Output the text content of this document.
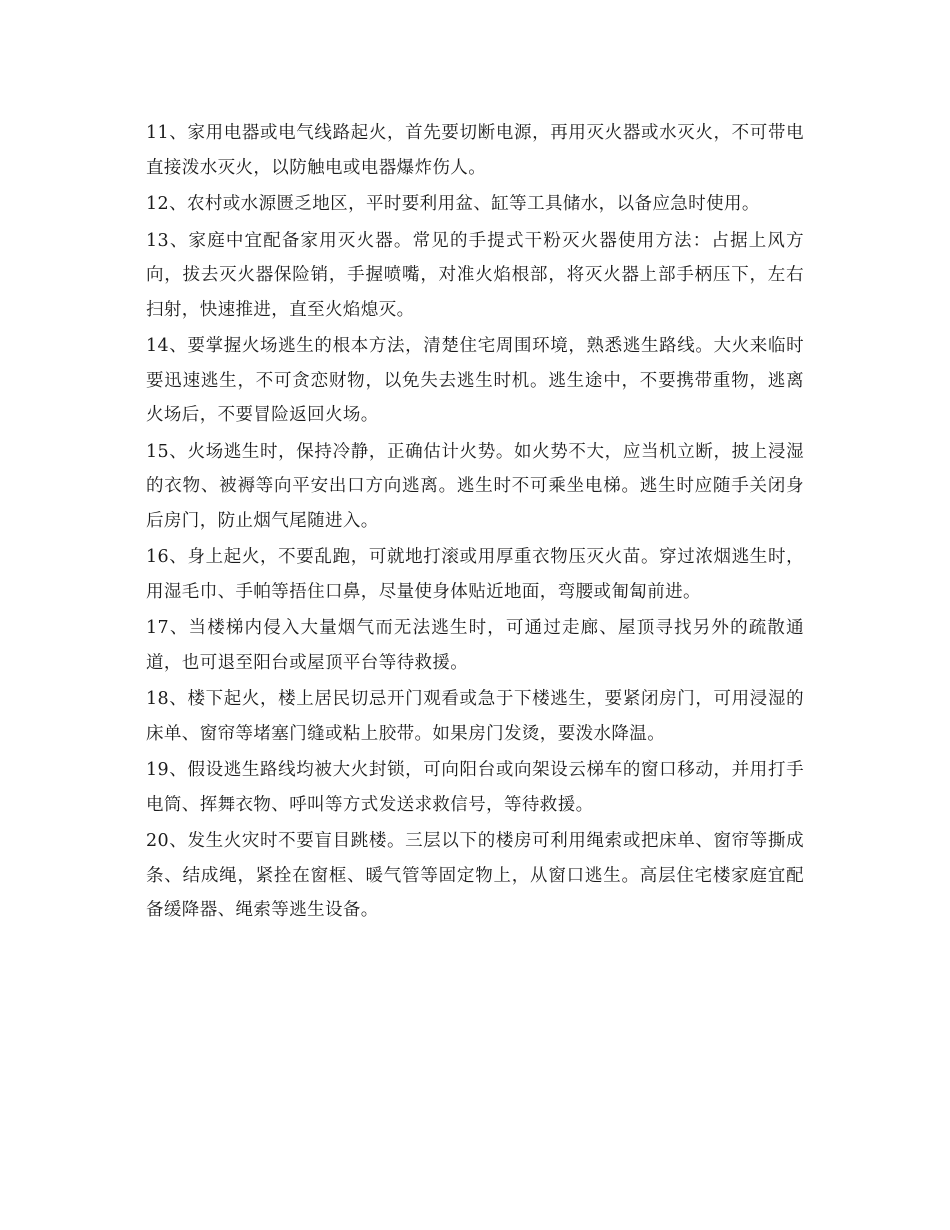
11、家用电器或电气线路起火，首先要切断电源，再用灭火器或水灭火，不可带电直接泼水灭火，以防触电或电器爆炸伤人。

12、农村或水源匮乏地区，平时要利用盆、缸等工具储水，以备应急时使用。

13、家庭中宜配备家用灭火器。常见的手提式干粉灭火器使用方法：占据上风方向，拔去灭火器保险销，手握喷嘴，对准火焰根部，将灭火器上部手柄压下，左右扫射，快速推进，直至火焰熄灭。

14、要掌握火场逃生的根本方法，清楚住宅周围环境，熟悉逃生路线。大火来临时要迅速逃生，不可贪恋财物，以免失去逃生时机。逃生途中，不要携带重物，逃离火场后，不要冒险返回火场。

15、火场逃生时，保持冷静，正确估计火势。如火势不大，应当机立断，披上浸湿的衣物、被褥等向平安出口方向逃离。逃生时不可乘坐电梯。逃生时应随手关闭身后房门，防止烟气尾随进入。

16、身上起火，不要乱跑，可就地打滚或用厚重衣物压灭火苗。穿过浓烟逃生时，用湿毛巾、手帕等捂住口鼻，尽量使身体贴近地面，弯腰或匍匐前进。

17、当楼梯内侵入大量烟气而无法逃生时，可通过走廊、屋顶寻找另外的疏散通道，也可退至阳台或屋顶平台等待救援。

18、楼下起火，楼上居民切忌开门观看或急于下楼逃生，要紧闭房门，可用浸湿的床单、窗帘等堵塞门缝或粘上胶带。如果房门发烫，要泼水降温。

19、假设逃生路线均被大火封锁，可向阳台或向架设云梯车的窗口移动，并用打手电筒、挥舞衣物、呼叫等方式发送求救信号，等待救援。

20、发生火灾时不要盲目跳楼。三层以下的楼房可利用绳索或把床单、窗帘等撕成条、结成绳，紧拴在窗框、暖气管等固定物上，从窗口逃生。高层住宅楼家庭宜配备缓降器、绳索等逃生设备。
